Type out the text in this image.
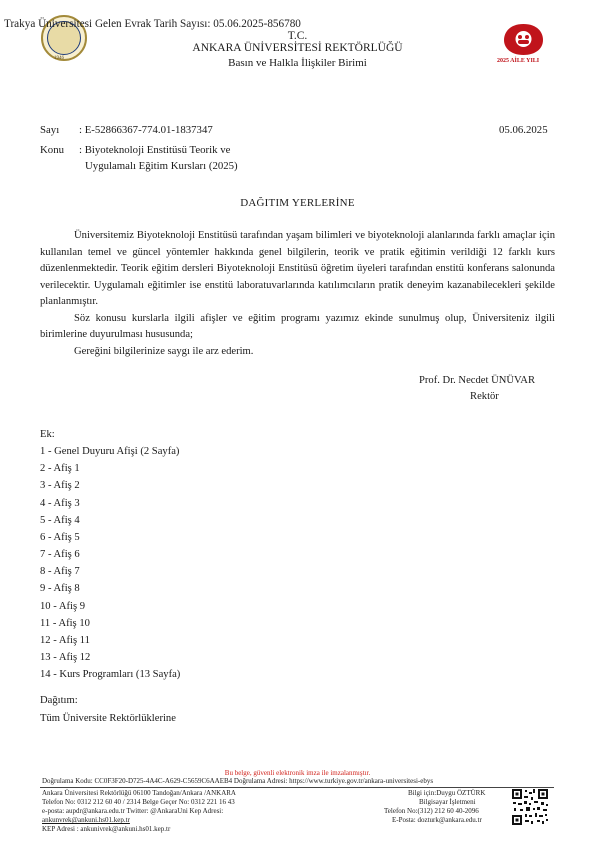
1946
Trakya Üniversitesi Gelen Evrak Tarih Sayısı: 05.06.2025-856780
T.C.
ANKARA ÜNİVERSİTESİ REKTÖRLÜĞÜ
Basın ve Halkla İlişkiler Birimi	2025 AİLE YILI
Sayı : E-52866367-774.01-1837347	05.06.2025
Konu : Biyoteknoloji Enstitüsü Teorik ve
Uygulamalı Eğitim Kursları (2025)
DAĞITIM YERLERİNE

Üniversitemiz Biyoteknoloji Enstitüsü tarafından yaşam bilimleri ve biyoteknoloji alanlarında farklı amaçlar için kullanılan temel ve güncel yöntemler hakkında genel bilgilerin, teorik ve pratik eğitimin verildiği 12 farklı kurs düzenlenmektedir. Teorik eğitim dersleri Biyoteknoloji Enstitüsü öğretim üyeleri tarafından enstitü konferans salonunda verilecektir. Uygulamalı eğitimler ise enstitü laboratuvarlarında katılımcıların pratik deneyim kazanabilecekleri şekilde planlanmıştır.

Söz konusu kurslarla ilgili afişler ve eğitim programı yazımız ekinde sunulmuş olup, Üniversiteniz ilgili birimlerine duyurulması hususunda;

Gereğini bilgilerinize saygı ile arz ederim.

Prof. Dr. Necdet ÜNÜVAR
Rektör
Ek:
1 - Genel Duyuru Afişi (2 Sayfa)
2 - Afiş 1
3 - Afiş 2
4 - Afiş 3
5 - Afiş 4
6 - Afiş 5
7 - Afiş 6
8 - Afiş 7
9 - Afiş 8
10 - Afiş 9
11 - Afiş 10
12 - Afiş 11
13 - Afiş 12
14 - Kurs Programları (13 Sayfa)
Dağıtım:
Tüm Üniversite Rektörlüklerine
Bu belge, güvenli elektronik imza ile imzalanmıştır.
Doğrulama Kodu: CC0F3F20-D725-4A4C-A629-C5659C6AAEB4 Doğrulama Adresi: https://www.turkiye.gov.tr/ankara-universitesi-ebys
Ankara Üniversitesi Rektörlüğü 06100 Tandoğan/Ankara /ANKARA
Telefon No: 0312 212 60 40 / 2314 Belge Geçer No: 0312 221 16 43
e-posta: aupdr@ankara.edu.tr Twitter: @AnkaraUni Kep Adresi:
ankunvrek@ankuni.hs01.kep.tr
KEP Adresi : ankunivrek@ankuni.hs01.kep.tr
Bilgi için:Duygu ÖZTÜRK
Bilgisayar İşletmeni
Telefon No:(312) 212 60 40-2096
E-Posta: dozturk@ankara.edu.tr
